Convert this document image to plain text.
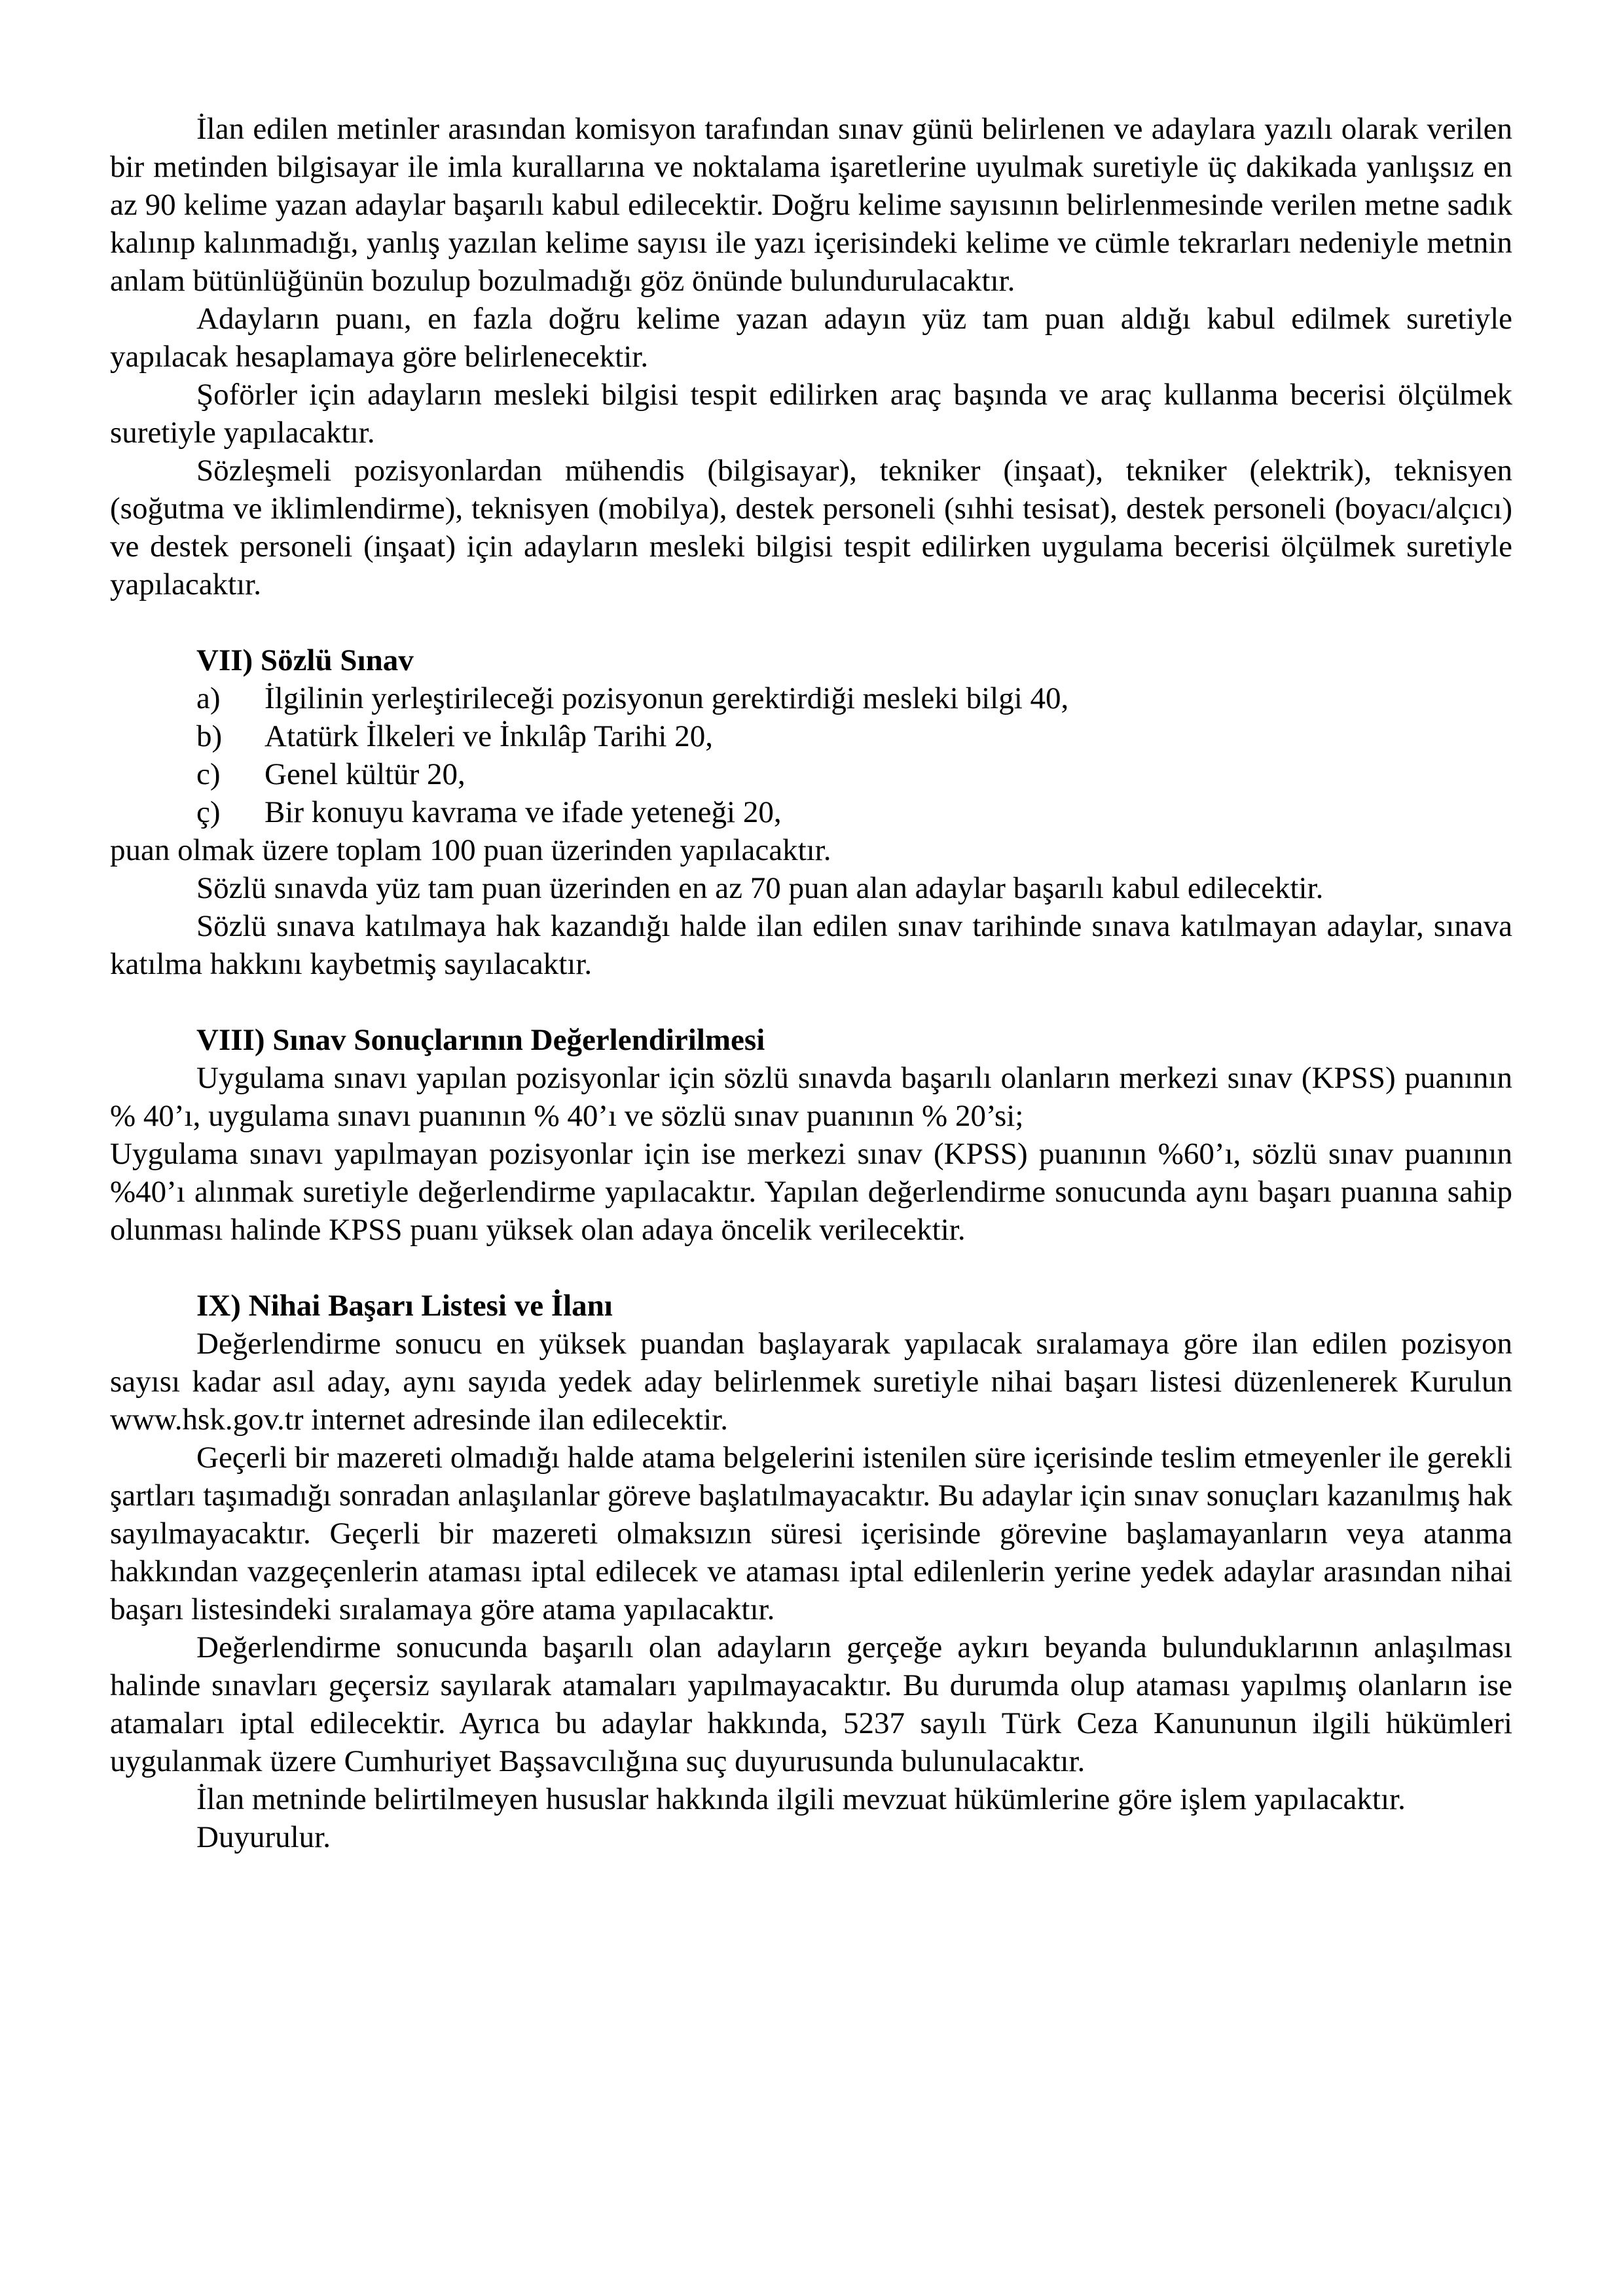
İlan edilen metinler arasından komisyon tarafından sınav günü belirlenen ve adaylara yazılı olarak verilen bir metinden bilgisayar ile imla kurallarına ve noktalama işaretlerine uyulmak suretiyle üç dakikada yanlışsız en az 90 kelime yazan adaylar başarılı kabul edilecektir. Doğru kelime sayısının belirlenmesinde verilen metne sadık kalınıp kalınmadığı, yanlış yazılan kelime sayısı ile yazı içerisindeki kelime ve cümle tekrarları nedeniyle metnin anlam bütünlüğünün bozulup bozulmadığı göz önünde bulundurulacaktır.

Adayların puanı, en fazla doğru kelime yazan adayın yüz tam puan aldığı kabul edilmek suretiyle yapılacak hesaplamaya göre belirlenecektir.

Şoförler için adayların mesleki bilgisi tespit edilirken araç başında ve araç kullanma becerisi ölçülmek suretiyle yapılacaktır.

Sözleşmeli pozisyonlardan mühendis (bilgisayar), tekniker (inşaat), tekniker (elektrik), teknisyen (soğutma ve iklimlendirme), teknisyen (mobilya), destek personeli (sıhhi tesisat), destek personeli (boyacı/alçıcı) ve destek personeli (inşaat) için adayların mesleki bilgisi tespit edilirken uygulama becerisi ölçülmek suretiyle yapılacaktır.

VII) Sözlü Sınav
a)	İlgilinin yerleştirileceği pozisyonun gerektirdiği mesleki bilgi 40,
b)	Atatürk İlkeleri ve İnkılâp Tarihi 20,
c)	Genel kültür 20,
ç)	Bir konuyu kavrama ve ifade yeteneği 20,

puan olmak üzere toplam 100 puan üzerinden yapılacaktır.

Sözlü sınavda yüz tam puan üzerinden en az 70 puan alan adaylar başarılı kabul edilecektir.

Sözlü sınava katılmaya hak kazandığı halde ilan edilen sınav tarihinde sınava katılmayan adaylar, sınava katılma hakkını kaybetmiş sayılacaktır.

VIII) Sınav Sonuçlarının Değerlendirilmesi

Uygulama sınavı yapılan pozisyonlar için sözlü sınavda başarılı olanların merkezi sınav (KPSS) puanının % 40’ı, uygulama sınavı puanının % 40’ı ve sözlü sınav puanının % 20’si;

Uygulama sınavı yapılmayan pozisyonlar için ise merkezi sınav (KPSS) puanının %60’ı, sözlü sınav puanının %40’ı alınmak suretiyle değerlendirme yapılacaktır. Yapılan değerlendirme sonucunda aynı başarı puanına sahip olunması halinde KPSS puanı yüksek olan adaya öncelik verilecektir.

IX) Nihai Başarı Listesi ve İlanı

Değerlendirme sonucu en yüksek puandan başlayarak yapılacak sıralamaya göre ilan edilen pozisyon sayısı kadar asıl aday, aynı sayıda yedek aday belirlenmek suretiyle nihai başarı listesi düzenlenerek Kurulun www.hsk.gov.tr internet adresinde ilan edilecektir.

Geçerli bir mazereti olmadığı halde atama belgelerini istenilen süre içerisinde teslim etmeyenler ile gerekli şartları taşımadığı sonradan anlaşılanlar göreve başlatılmayacaktır. Bu adaylar için sınav sonuçları kazanılmış hak sayılmayacaktır. Geçerli bir mazereti olmaksızın süresi içerisinde görevine başlamayanların veya atanma hakkından vazgeçenlerin ataması iptal edilecek ve ataması iptal edilenlerin yerine yedek adaylar arasından nihai başarı listesindeki sıralamaya göre atama yapılacaktır.

Değerlendirme sonucunda başarılı olan adayların gerçeğe aykırı beyanda bulunduklarının anlaşılması halinde sınavları geçersiz sayılarak atamaları yapılmayacaktır. Bu durumda olup ataması yapılmış olanların ise atamaları iptal edilecektir. Ayrıca bu adaylar hakkında, 5237 sayılı Türk Ceza Kanununun ilgili hükümleri uygulanmak üzere Cumhuriyet Başsavcılığına suç duyurusunda bulunulacaktır.

İlan metninde belirtilmeyen hususlar hakkında ilgili mevzuat hükümlerine göre işlem yapılacaktır.

Duyurulur.
